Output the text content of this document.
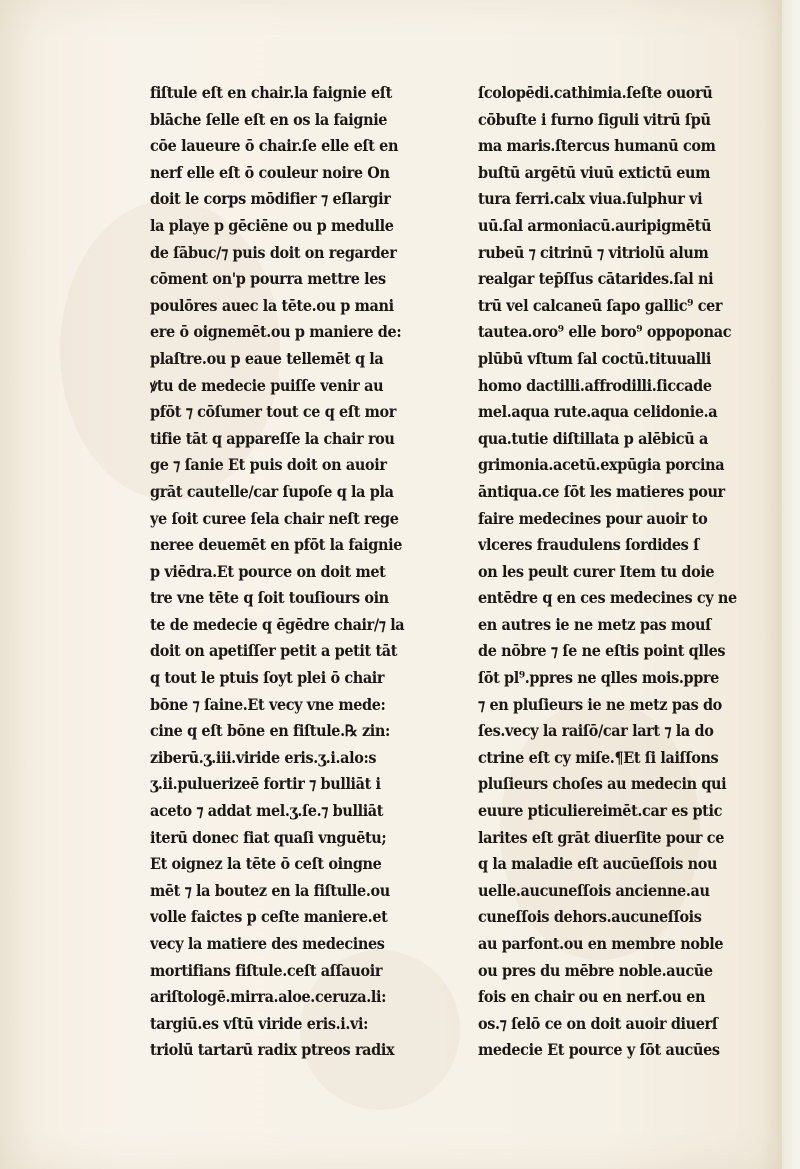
fiſtule eſt en chair.la faignie eſt
blāche ſelle eſt en os la faignie
cōe laueure ō chair.ſe elle eſt en
nerf elle eſt ō couleur noire On
doit le corps mōdifier ⁊ eſlargir
la playe p gēciēne ou p medulle
de ſābuc/⁊ puis doit on regarder
cōment on'p pourra mettre les
poulōres auec la tēte.ou p mani
ere ō oignemēt.ou p maniere de:
plaſtre.ou p eaue tellemēt q la
ꝟtu de medecie puiſſe venir au
pfōt ⁊ cōſumer tout ce q eſt mor
tifie tāt q appareſſe la chair rou
ge ⁊ ſanie Et puis doit on auoir
grāt cautelle/car ſupoſe q la pla
ye ſoit curee ſela chair neſt rege
neree deuemēt en pfōt la faignie
p viēdra.Et pource on doit met
tre vne tēte q ſoit touſiours oin
te de medecie q ēgēdre chair/⁊ la
doit on apetiſſer petit a petit tāt
q tout le ptuis ſoyt plei ō chair
bōne ⁊ ſaine.Et vecy vne mede:
cine q eſt bōne en fiſtule.℞ zin:
ziberū.ʒ.iii.viride eris.ʒ.i.alo:s
ʒ.ii.puluerizeē fortir ⁊ bulliāt i
aceto ⁊ addat mel.ʒ.ſe.⁊ bulliāt
iterū donec fiat quaſi vnguētu;
Et oignez la tēte ō ceſt oingne
mēt ⁊ la boutez en la fiſtulle.ou
volle faictes p ceſte maniere.et
vecy la matiere des medecines
mortifians fiſtule.ceſt aſſauoir
ariſtologē.mirra.aloe.ceruza.li:
targiū.es vſtū viride eris.i.vi:
triolū tartarū radix ptreos radix
ſcolopēdi.cathimia.ſeſte ouorū
cōbuſte i furno ſiguli vitrū ſpū
ma maris.ſtercus humanū com
buſtū argētū viuū extictū eum
tura ferri.calx viua.ſulphur vi
uū.ſal armoniacū.auripigmētū
rubeū ⁊ citrinū ⁊ vitriolū alum
realgar tep̄ſſus cātarides.ſal ni
trū vel calcaneū ſapo gallic⁹ cer
tautea.oro⁹ elle boro⁹ oppoponac
plūbū vſtum ſal coctū.tituualli
homo dactilli.affrodilli.ſiccade
mel.aqua rute.aqua celidonie.a
qua.tutie diſtillata p alēbicū a
grimonia.acetū.expūgia porcina
āntiqua.ce ſōt les matieres pour
faire medecines pour auoir to
vlceres fraudulens ſordides ſ
on les peult curer Item tu doie
entēdre q en ces medecines cy ne
en autres ie ne metz pas mouſ
de nōbre ⁊ ſe ne eſtis point qlles
ſōt pl⁹.ppres ne qlles mois.ppre
⁊ en pluſieurs ie ne metz pas do
ſes.vecy la raiſō/car lart ⁊ la do
ctrine eſt cy miſe.¶Et ſi laiſſons
pluſieurs choſes au medecin qui
euure pticuliereimēt.car es ptic
larites eſt grāt diuerſite pour ce
q la maladie eſt aucūeſſois nou
uelle.aucuneſſois ancienne.au
cuneſſois dehors.aucuneſſois
au parfont.ou en membre noble
ou pres du mēbre noble.aucūe
fois en chair ou en nerf.ou en
os.⁊ ſelō ce on doit auoir diuerſ
medecie Et pource y ſōt aucūes
